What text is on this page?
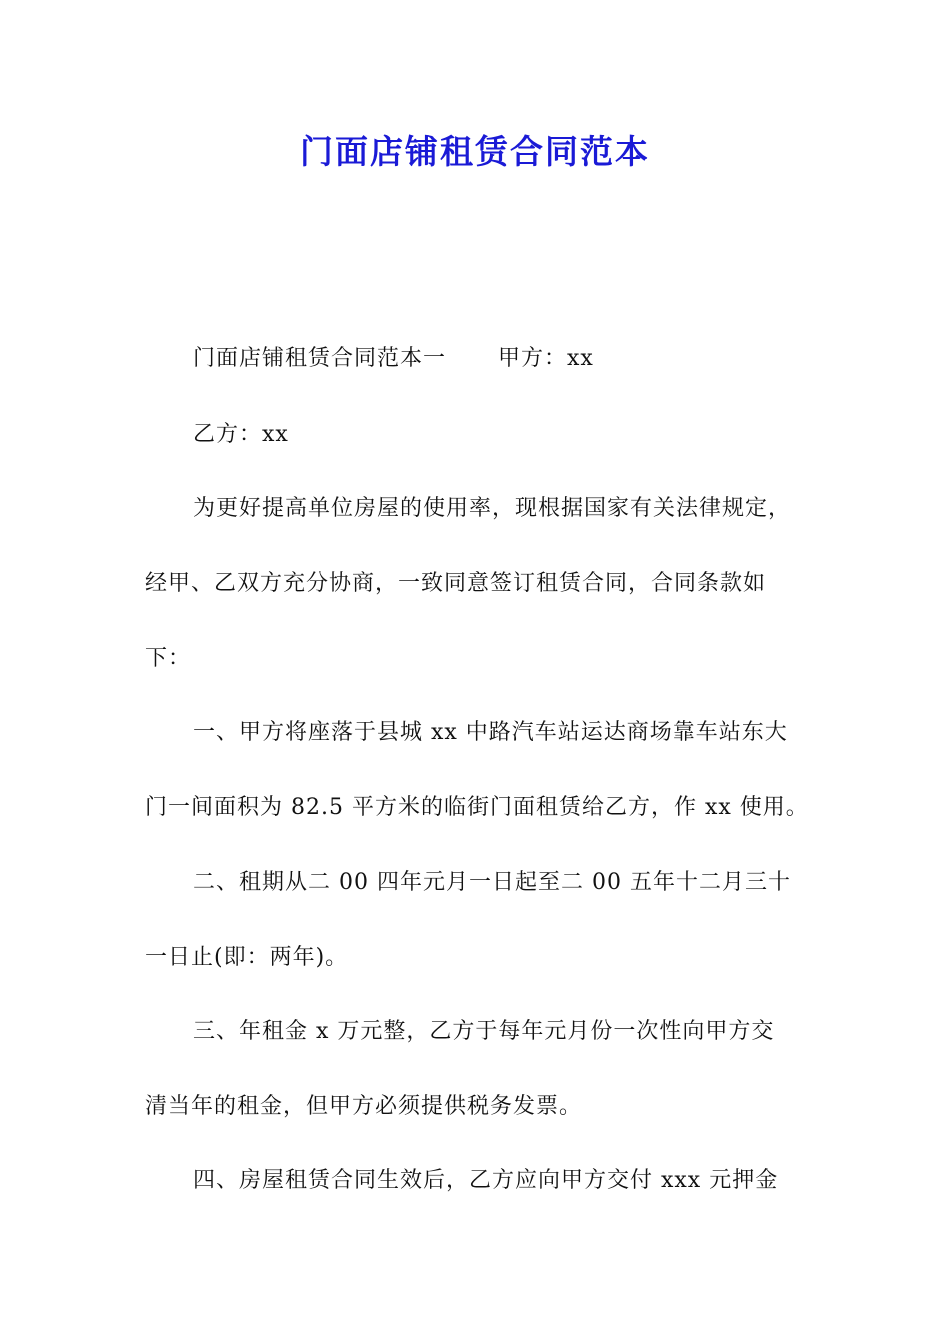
门面店铺租赁合同范本
门面店铺租赁合同范本一 甲方：xx
乙方：xx
为更好提高单位房屋的使用率，现根据国家有关法律规定，
经甲、乙双方充分协商，一致同意签订租赁合同，合同条款如
下：
一、甲方将座落于县城 xx 中路汽车站运达商场靠车站东大
门一间面积为 82.5 平方米的临街门面租赁给乙方，作 xx 使用。
二、租期从二 00 四年元月一日起至二 00 五年十二月三十
一日止(即：两年)。
三、年租金 x 万元整，乙方于每年元月份一次性向甲方交
清当年的租金，但甲方必须提供税务发票。
四、房屋租赁合同生效后，乙方应向甲方交付 xxx 元押金
